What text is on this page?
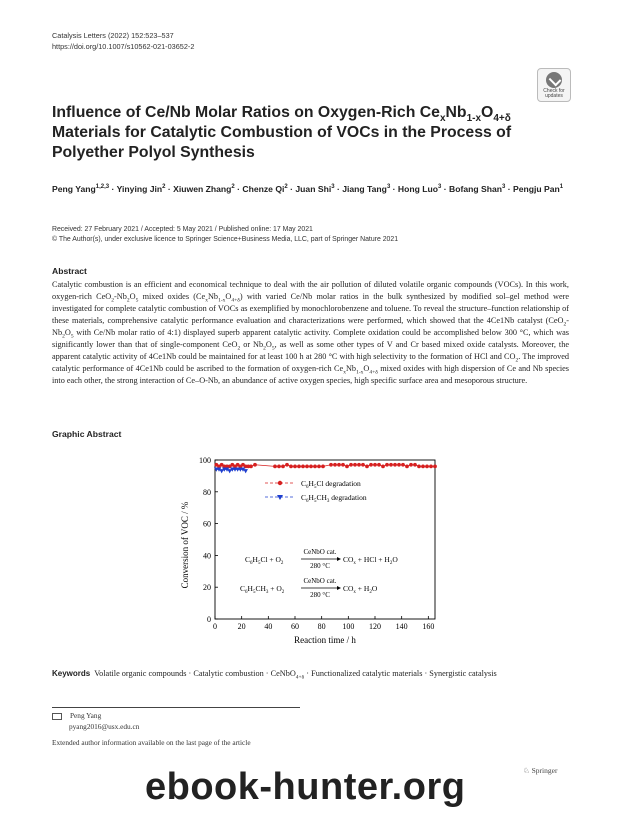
Catalysis Letters (2022) 152:523–537
https://doi.org/10.1007/s10562-021-03652-2
Check for updates
Influence of Ce/Nb Molar Ratios on Oxygen-Rich $Ce_xNb_{1-x}O_{4+\delta}$ Materials for Catalytic Combustion of VOCs in the Process of Polyether Polyol Synthesis
Peng Yang$^{1,2,3}$ · Yinying Jin$^2$ · Xiuwen Zhang$^2$ · Chenze $Qi^2$ · Juan Shi$^3$ · Jiang Tang$^3$ · Hong Luo$^3$ · Bofang Shan$^3$ · Pengju Pan$^1$
Received: 27 February 2021 / Accepted: 5 May 2021 / Published online: 17 May 2021
© The Author(s), under exclusive licence to Springer Science+Business Media, LLC, part of Springer Nature 2021
Abstract
Catalytic combustion is an efficient and economical technique to deal with the air pollution of diluted volatile organic compounds (VOCs). In this work, oxygen-rich $CeO_2-Nb_2O_5$ mixed oxides $(Ce_xNb_{1-x}O_{4+\delta})$ with varied Ce/Nb molar ratios in the bulk synthesized by modified sol–gel method were investigated for complete catalytic combustion of VOCs as exemplified by monochlorobenzene and toluene. To reveal the structure–function relationship of these materials, comprehensive catalytic performance evaluation and characterizations were performed, which showed that the 4Ce1Nb catalyst ($CeO_2-Nb_2O_5$ with Ce/Nb molar ratio of 4:1) displayed superb apparent catalytic activity. Complete oxidation could be accomplished below 300 °C, which was significantly lower than that of single-component CeO$_2$ or $Nb_2O_5$, as well as some other types of V and Cr based mixed oxide catalysts. Moreover, the apparent catalytic activity of 4Ce1Nb could be maintained for at least 100 h at 280 °C with high selectivity to the formation of HCl and $CO_2$. The improved catalytic performance of 4Ce1Nb could be ascribed to the formation of oxygen-rich $Ce_xNb_{1-x}O_{4+\delta}$ mixed oxides with high dispersion of Ce and Nb species into each other, the strong interaction of Ce–O-Nb, an abundance of active oxygen species, high specific surface area and mesoporous structure.
Graphic Abstract
0
20
40
60
80
100
0	20 40 60 80 100 120 140 160
Conversion of VOC / %
Reaction time / h
$C_6H_5Cl$ degradation
$C_6H_5CH_3$ degradation
$C_6H_5Cl + O_2$
CeNbO cat.
280 °C
$CO_x$ + HCl + $H_2O$
$C_6H_5CH_3 + O_2$
CeNbO cat.
280 °C
$CO_x + H_2O$
Keywords Volatile organic compounds · Catalytic combustion · CeNbO$_{4+\delta}$ · Functionalized catalytic materials · Synergistic catalysis
Peng Yang
pyang2016@usx.edu.cn
Extended author information available on the last page of the article
ebook-hunter.org	♘ Springer
